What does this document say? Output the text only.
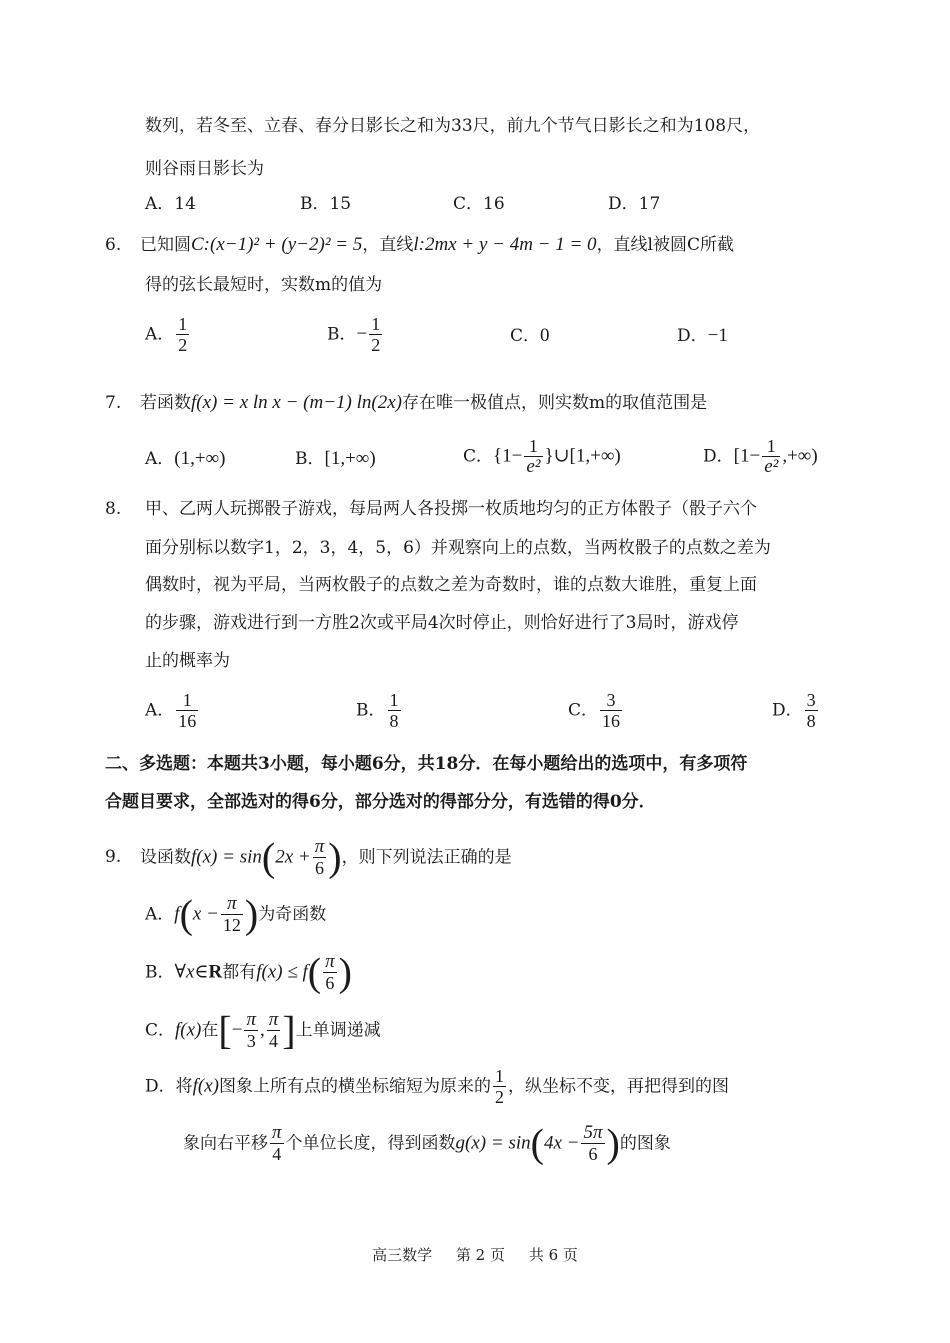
数列，若冬至、立春、春分日影长之和为33尺，前九个节气日影长之和为108尺，
则谷雨日影长为
A．14	B．15	C．16	D．17
6. 已知圆C:(x−1)² + (y−2)² = 5，直线l:2mx + y − 4m − 1 = 0，直线l被圆C所截
得的弦长最短时，实数m的值为
A． $\frac{1}{2}$	B．− $\frac{1}{2}$	C．0	D．−1
7. 若函数f(x) = x ln x − (m−1) ln(2x)存在唯一极值点，则实数m的取值范围是
A．(1,+∞)	B．[1,+∞)	C．{$1- \frac{1}{\text{e²}}$ }∪[1,+∞)	D．[$1- \frac{1}{\text{e²}}$ ,+∞)
8. 甲、乙两人玩掷骰子游戏，每局两人各投掷一枚质地均匀的正方体骰子（骰子六个
面分别标以数字1，2，3，4，5，6）并观察向上的点数，当两枚骰子的点数之差为
偶数时，视为平局，当两枚骰子的点数之差为奇数时，谁的点数大谁胜，重复上面
的步骤，游戏进行到一方胜2次或平局4次时停止，则恰好进行了3局时，游戏停
止的概率为
A． $\frac{1}{16}$	B． $\frac{1}{8}$	C． $\frac{3}{16}$	D． $\frac{3}{8}$
二、多选题：本题共3小题，每小题6分，共18分．在每小题给出的选项中，有多项符
合题目要求，全部选对的得6分，部分选对的得部分分，有选错的得0分．
9. 设函数$f(x) = \sin(2x + \frac{\pi}{6}$ )，则下列说法正确的是
A．$f(x - \frac{\pi}{12}$ )为奇函数
B．∀x∈R都有$f(x) \le f( \frac{\pi}{6}$ )
C．f(x)在[− $\frac{\pi}{3}$ , $\frac{\pi}{4}$ ]上单调递减
D．将f(x)图象上所有点的横坐标缩短为原来的 $\frac{1}{2}$ ，纵坐标不变，再把得到的图
象向右平移 $\frac{\pi}{4}$ 个单位长度，得到函数$g(x) = \sin(4x - \frac{5\pi}{6}$ )的图象
高三数学     第 2 页     共 6 页
